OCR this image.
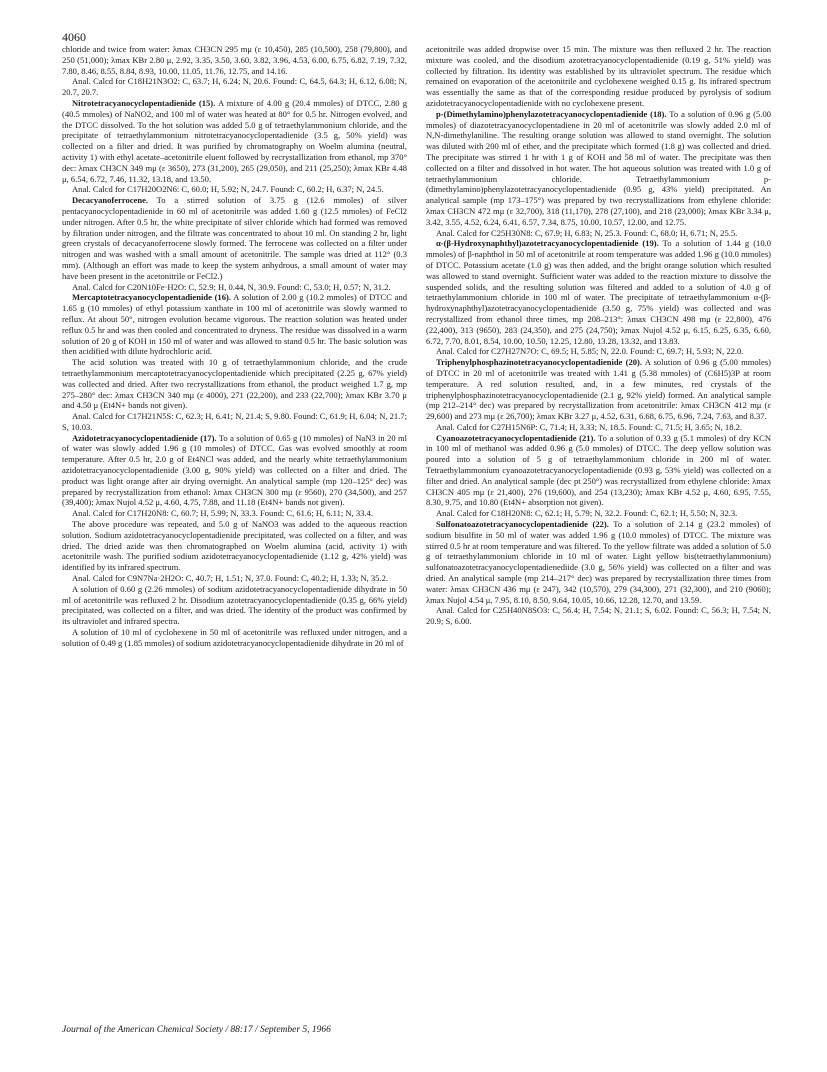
4060

chloride and twice from water: λmax CH3CN 295 mμ (ε 10,450), 285 (10,500), 258 (79,800), and 250 (51,000); λmax KBr 2.80 μ, 2.92, 3.35, 3.50, 3.60, 3.82, 3.96, 4.53, 6.00, 6.75, 6.82, 7.19, 7.32, 7.80, 8.46, 8.55, 8.84, 8.93, 10.00, 11.05, 11.76, 12.75, and 14.16.

Anal. Calcd for C18H21N3O2: C, 63.7; H, 6.24; N, 20.6. Found: C, 64.5, 64.3; H, 6.12, 6.08; N, 20.7, 20.7.

Nitrotetracyanocyclopentadienide (15). A mixture of 4.00 g (20.4 mmoles) of DTCC, 2.80 g (40.5 mmoles) of NaNO2, and 100 ml of water was heated at 80° for 0.5 hr. Nitrogen evolved, and the DTCC dissolved. To the hot solution was added 5.0 g of tetraethylammonium chloride, and the precipitate of tetraethylammonium nitrotetracyanocyclopentadienide (3.5 g, 50% yield) was collected on a filter and dried. It was purified by chromatography on Woelm alumina (neutral, activity 1) with ethyl acetate–acetonitrile eluent followed by recrystallization from ethanol, mp 370° dec: λmax CH3CN 349 mμ (ε 3650), 273 (31,200), 265 (29,050), and 211 (25,250); λmax KBr 4.48 μ, 6.54, 6.72, 7.46, 11.32, 13.18, and 13.50.

Anal. Calcd for C17H20O2N6: C, 60.0; H, 5.92; N, 24.7. Found: C, 60.2; H, 6.37; N, 24.5.

Decacyanoferrocene. To a stirred solution of 3.75 g (12.6 mmoles) of silver pentacyanocyclopentadienide in 60 ml of acetonitrile was added 1.60 g (12.5 mmoles) of FeCl2 under nitrogen. After 0.5 hr, the white precipitate of silver chloride which had formed was removed by filtration under nitrogen, and the filtrate was concentrated to about 10 ml. On standing 2 hr, light green crystals of decacyanoferrocene slowly formed. The ferrocene was collected on a filter under nitrogen and was washed with a small amount of acetonitrile. The sample was dried at 112° (0.3 mm). (Although an effort was made to keep the system anhydrous, a small amount of water may have been present in the acetonitrile or FeCl2.)

Anal. Calcd for C20N10Fe·H2O: C, 52.9; H, 0.44, N, 30.9. Found: C, 53.0; H, 0.57; N, 31.2.

Mercaptotetracyanocyclopentadienide (16). A solution of 2.00 g (10.2 mmoles) of DTCC and 1.65 g (10 mmoles) of ethyl potassium xanthate in 100 ml of acetonitrile was slowly warmed to reflux. At about 50°, nitrogen evolution became vigorous. The reaction solution was heated under reflux 0.5 hr and was then cooled and concentrated to dryness. The residue was dissolved in a warm solution of 20 g of KOH in 150 ml of water and was allowed to stand 0.5 hr. The basic solution was then acidified with dilute hydrochloric acid.

The acid solution was treated with 10 g of tetraethylammonium chloride, and the crude tetraethylammonium mercaptotetracyanocyclopentadienide which precipitated (2.25 g, 67% yield) was collected and dried. After two recrystallizations from ethanol, the product weighed 1.7 g, mp 275–280° dec: λmax CH3CN 340 mμ (ε 4000), 271 (22,200), and 233 (22,700); λmax KBr 3.70 μ and 4.50 μ (Et4N+ bands not given).

Anal. Calcd for C17H21N5S: C, 62.3; H, 6.41; N, 21.4; S, 9.80. Found: C, 61.9; H, 6.04; N, 21.7; S, 10.03.

Azidotetracyanocyclopentadienide (17). To a solution of 0.65 g (10 mmoles) of NaN3 in 20 ml of water was slowly added 1.96 g (10 mmoles) of DTCC. Gas was evolved smoothly at room temperature. After 0.5 hr, 2.0 g of Et4NCl was added, and the nearly white tetraethylammonium azidotetracyanocyclopentadienide (3.00 g, 90% yield) was collected on a filter and dried. The product was light orange after air drying overnight. An analytical sample (mp 120–125° dec) was prepared by recrystallization from ethanol: λmax CH3CN 300 mμ (ε 9560), 270 (34,500), and 257 (39,400); λmax Nujol 4.52 μ, 4.60, 4.75, 7.88, and 11.18 (Et4N+ bands not given).

Anal. Calcd for C17H20N8: C, 60.7; H, 5.99; N, 33.3. Found: C, 61.6; H, 6.11; N, 33.4.

The above procedure was repeated, and 5.0 g of NaNO3 was added to the aqueous reaction solution. Sodium azidotetracyanocyclopentadienide precipitated, was collected on a filter, and was dried. The dried azide was then chromatographed on Woelm alumina (acid, activity 1) with acetonitrile wash. The purified sodium azidotetracyanocyclopentadienide (1.12 g, 42% yield) was identified by its infrared spectrum.

Anal. Calcd for C9N7Na·2H2O: C, 40.7; H, 1.51; N, 37.0. Found: C, 40.2; H, 1.33; N, 35.2.

A solution of 0.60 g (2.26 mmoles) of sodium azidotetracyanocyclopentadienide dihydrate in 50 ml of acetonitrile was refluxed 2 hr. Disodium azotetracyanocyclopentadienide (0.35 g, 66% yield) precipitated, was collected on a filter, and was dried. The identity of the product was confirmed by its ultraviolet and infrared spectra.

A solution of 10 ml of cyclohexene in 50 ml of acetonitrile was refluxed under nitrogen, and a solution of 0.49 g (1.85 mmoles) of sodium azidotetracyanocyclopentadienide dihydrate in 20 ml of

acetonitrile was added dropwise over 15 min. The mixture was then refluxed 2 hr. The reaction mixture was cooled, and the disodium azotetracyanocyclopentadienide (0.19 g, 51% yield) was collected by filtration. Its identity was established by its ultraviolet spectrum. The residue which remained on evaporation of the acetonitrile and cyclohexene weighed 0.15 g. Its infrared spectrum was essentially the same as that of the corresponding residue produced by pyrolysis of sodium azidotetracyanocyclopentadienide with no cyclohexene present.

p-(Dimethylamino)phenylazotetracyanocyclopentadienide (18). To a solution of 0.96 g (5.00 mmoles) of diazotetracyanocyclopentadiene in 20 ml of acetonitrile was slowly added 2.0 ml of N,N-dimethylaniline. The resulting orange solution was allowed to stand overnight. The solution was diluted with 200 ml of ether, and the precipitate which formed (1.8 g) was collected and dried. The precipitate was stirred 1 hr with 1 g of KOH and 58 ml of water. The precipitate was then collected on a filter and dissolved in hot water. The hot aqueous solution was treated with 1.0 g of tetraethylammonium chloride. Tetraethylammonium p-(dimethylamino)phenylazotetracyanocyclopentadienide (0.95 g, 43% yield) precipitated. An analytical sample (mp 173–175°) was prepared by two recrystallizations from ethylene chloride: λmax CH3CN 472 mμ (ε 32,700), 318 (11,170), 278 (27,100), and 218 (23,000); λmax KBr 3.34 μ, 3.42, 3.55, 4.52, 6.24, 6.41, 6.57, 7.34, 8.75, 10.00, 10.57, 12.00, and 12.75.

Anal. Calcd for C25H30N8: C, 67.9; H, 6.83; N, 25.3. Found: C, 68.0; H, 6.71; N, 25.5.

α-(β-Hydroxynaphthyl)azotetracyanocyclopentadienide (19). To a solution of 1.44 g (10.0 mmoles) of β-naphthol in 50 ml of acetonitrile at room temperature was added 1.96 g (10.0 mmoles) of DTCC. Potassium acetate (1.0 g) was then added, and the bright orange solution which resulted was allowed to stand overnight. Sufficient water was added to the reaction mixture to dissolve the suspended solids, and the resulting solution was filtered and added to a solution of 4.0 g of tetraethylammonium chloride in 100 ml of water. The precipitate of tetraethylammonium α-(β-hydroxynaphthyl)azotetracyanocyclopentadienide (3.50 g, 75% yield) was collected and was recrystallized from ethanol three times, mp 208–213°: λmax CH3CN 498 mμ (ε 22,800), 476 (22,400), 313 (9650), 283 (24,350), and 275 (24,750); λmax Nujol 4.52 μ, 6.15, 6.25, 6.35, 6.60, 6.72, 7.70, 8.01, 8.54, 10.00, 10.50, 12.25, 12.80, 13.28, 13.32, and 13.83.

Anal. Calcd for C27H27N7O: C, 69.5; H, 5.85; N, 22.0. Found: C, 69.7; H, 5.93; N, 22.0.

Triphenylphosphazinotetracyanocyclopentadienide (20). A solution of 0.96 g (5.00 mmoles) of DTCC in 20 ml of acetonitrile was treated with 1.41 g (5.38 mmoles) of (C6H5)3P at room temperature. A red solution resulted, and, in a few minutes, red crystals of the triphenylphosphazinotetracyanocyclopentadienide (2.1 g, 92% yield) formed. An analytical sample (mp 212–214° dec) was prepared by recrystallization from acetonitrile: λmax CH3CN 412 mμ (ε 29,600) and 273 mμ (ε 26,700); λmax KBr 3.27 μ, 4.52, 6.31, 6.68, 6.75, 6.96, 7.24, 7.63, and 8.37.

Anal. Calcd for C27H15N6P: C, 71.4; H, 3.33; N, 18.5. Found: C, 71.5; H, 3.65; N, 18.2.

Cyanoazotetracyanocyclopentadienide (21). To a solution of 0.33 g (5.1 mmoles) of dry KCN in 100 ml of methanol was added 0.96 g (5.0 mmoles) of DTCC. The deep yellow solution was poured into a solution of 5 g of tetraethylammonium chloride in 200 ml of water. Tetraethylammonium cyanoazotetracyanocyclopentadienide (0.93 g, 53% yield) was collected on a filter and dried. An analytical sample (dec pt 250°) was recrystallized from ethylene chloride: λmax CH3CN 405 mμ (ε 21,400), 276 (19,600), and 254 (13,230); λmax KBr 4.52 μ, 4.60, 6.95, 7.55, 8.30, 9.75, and 10.80 (Et4N+ absorption not given).

Anal. Calcd for C18H20N8: C, 62.1; H, 5.79; N, 32.2. Found: C, 62.1; H, 5.50; N, 32.3.

Sulfonatoazotetracyanocyclopentadienide (22). To a solution of 2.14 g (23.2 mmoles) of sodium bisulfite in 50 ml of water was added 1.96 g (10.0 mmoles) of DTCC. The mixture was stirred 0.5 hr at room temperature and was filtered. To the yellow filtrate was added a solution of 5.0 g of tetraethylammonium chloride in 10 ml of water. Light yellow bis(tetraethylammonium) sulfonatoazotetracyanocyclopentadienediide (3.0 g, 56% yield) was collected on a filter and was dried. An analytical sample (mp 214–217° dec) was prepared by recrystallization three times from water: λmax CH3CN 436 mμ (ε 247), 342 (10,570), 279 (34,300), 271 (32,300), and 210 (9060); λmax Nujol 4.54 μ, 7.95, 8.10, 8.50, 9.64, 10.05, 10.66, 12.28, 12.70, and 13.59.

Anal. Calcd for C25H40N8SO3: C, 56.4; H, 7.54; N, 21.1; S, 6.02. Found: C, 56.3; H, 7.54; N, 20.9; S, 6.00.

Journal of the American Chemical Society / 88:17 / September 5, 1966
